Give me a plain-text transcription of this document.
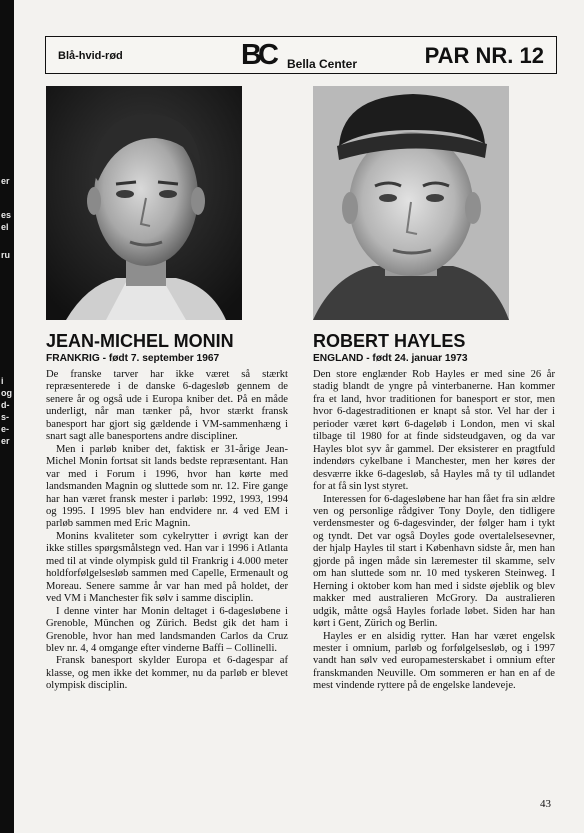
er
es
el
ru
i
og
d-
s-
e-
er
Blå-hvid-rød	BC Bella Center	PAR NR. 12
JEAN-MICHEL MONIN
FRANKRIG - født 7. september 1967

De franske tarver har ikke været så stærkt repræsenterede i de danske 6-dagesløb gennem de senere år og også ude i Europa kniber det. På en måde underligt, når man tænker på, hvor stærkt fransk banesport har gjort sig gældende i VM-sammenhæng i snart sagt alle banesportens andre discipliner.

Men i parløb kniber det, faktisk er 31-årige Jean-Michel Monin fortsat sit lands bedste repræsentant. Han var med i Forum i 1996, hvor han kørte med landsmanden Magnin og sluttede som nr. 12. Fire gange har han været fransk mester i parløb: 1992, 1993, 1994 og 1995. I 1995 blev han endvidere nr. 4 ved EM i parløb sammen med Eric Magnin.

Monins kvaliteter som cykelrytter i øvrigt kan der ikke stilles spørgsmålstegn ved. Han var i 1996 i Atlanta med til at vinde olympisk guld til Frankrig i 4.000 meter holdforfølgelsesløb sammen med Capelle, Ermenault og Moreau. Senere samme år var han med på holdet, der ved VM i Manchester fik sølv i samme disciplin.

I denne vinter har Monin deltaget i 6-dagesløbene i Grenoble, München og Zürich. Bedst gik det ham i Grenoble, hvor han med landsmanden Carlos da Cruz blev nr. 4, 4 omgange efter vinderne Baffi – Collinelli.

Fransk banesport skylder Europa et 6-dagespar af klasse, og men ikke det kommer, nu da parløb er blevet olympisk disciplin.

ROBERT HAYLES
ENGLAND - født 24. januar 1973

Den store englænder Rob Hayles er med sine 26 år stadig blandt de yngre på vinterbanerne. Han kommer fra et land, hvor traditionen for banesport er stor, men hvor 6-dagestraditionen er knapt så stor. Vel har der i perioder været kørt 6-dageløb i London, men vi skal tilbage til 1980 for at finde sidsteudgaven, og da var Hayles blot syv år gammel. Der eksisterer en pragtfuld indendørs cykelbane i Manchester, men her køres der desværre ikke 6-dagesløb, så Hayles må ty til udlandet for at få sin lyst styret.

Interessen for 6-dagesløbene har han fået fra sin ældre ven og personlige rådgiver Tony Doyle, den tidligere verdensmester og 6-dagesvinder, der følger ham i tykt og tyndt. Det var også Doyles gode overtalelsesevner, der hjalp Hayles til start i København sidste år, men han gjorde på ingen måde sin læremester til skamme, selv om han sluttede som nr. 10 med tyskeren Steinweg. I Herning i oktober kom han med i sidste øjeblik og blev makker med australieren McGrory. Da australieren udgik, måtte også Hayles forlade løbet. Siden har han kørt i Gent, Zürich og Berlin.

Hayles er en alsidig rytter. Han har været engelsk mester i omnium, parløb og forfølgelsesløb, og i 1997 vandt han sølv ved europamesterskabet i omnium efter franskmanden Neuville. Om sommeren er han en af de mest vindende ryttere på de engelske landeveje.

43
